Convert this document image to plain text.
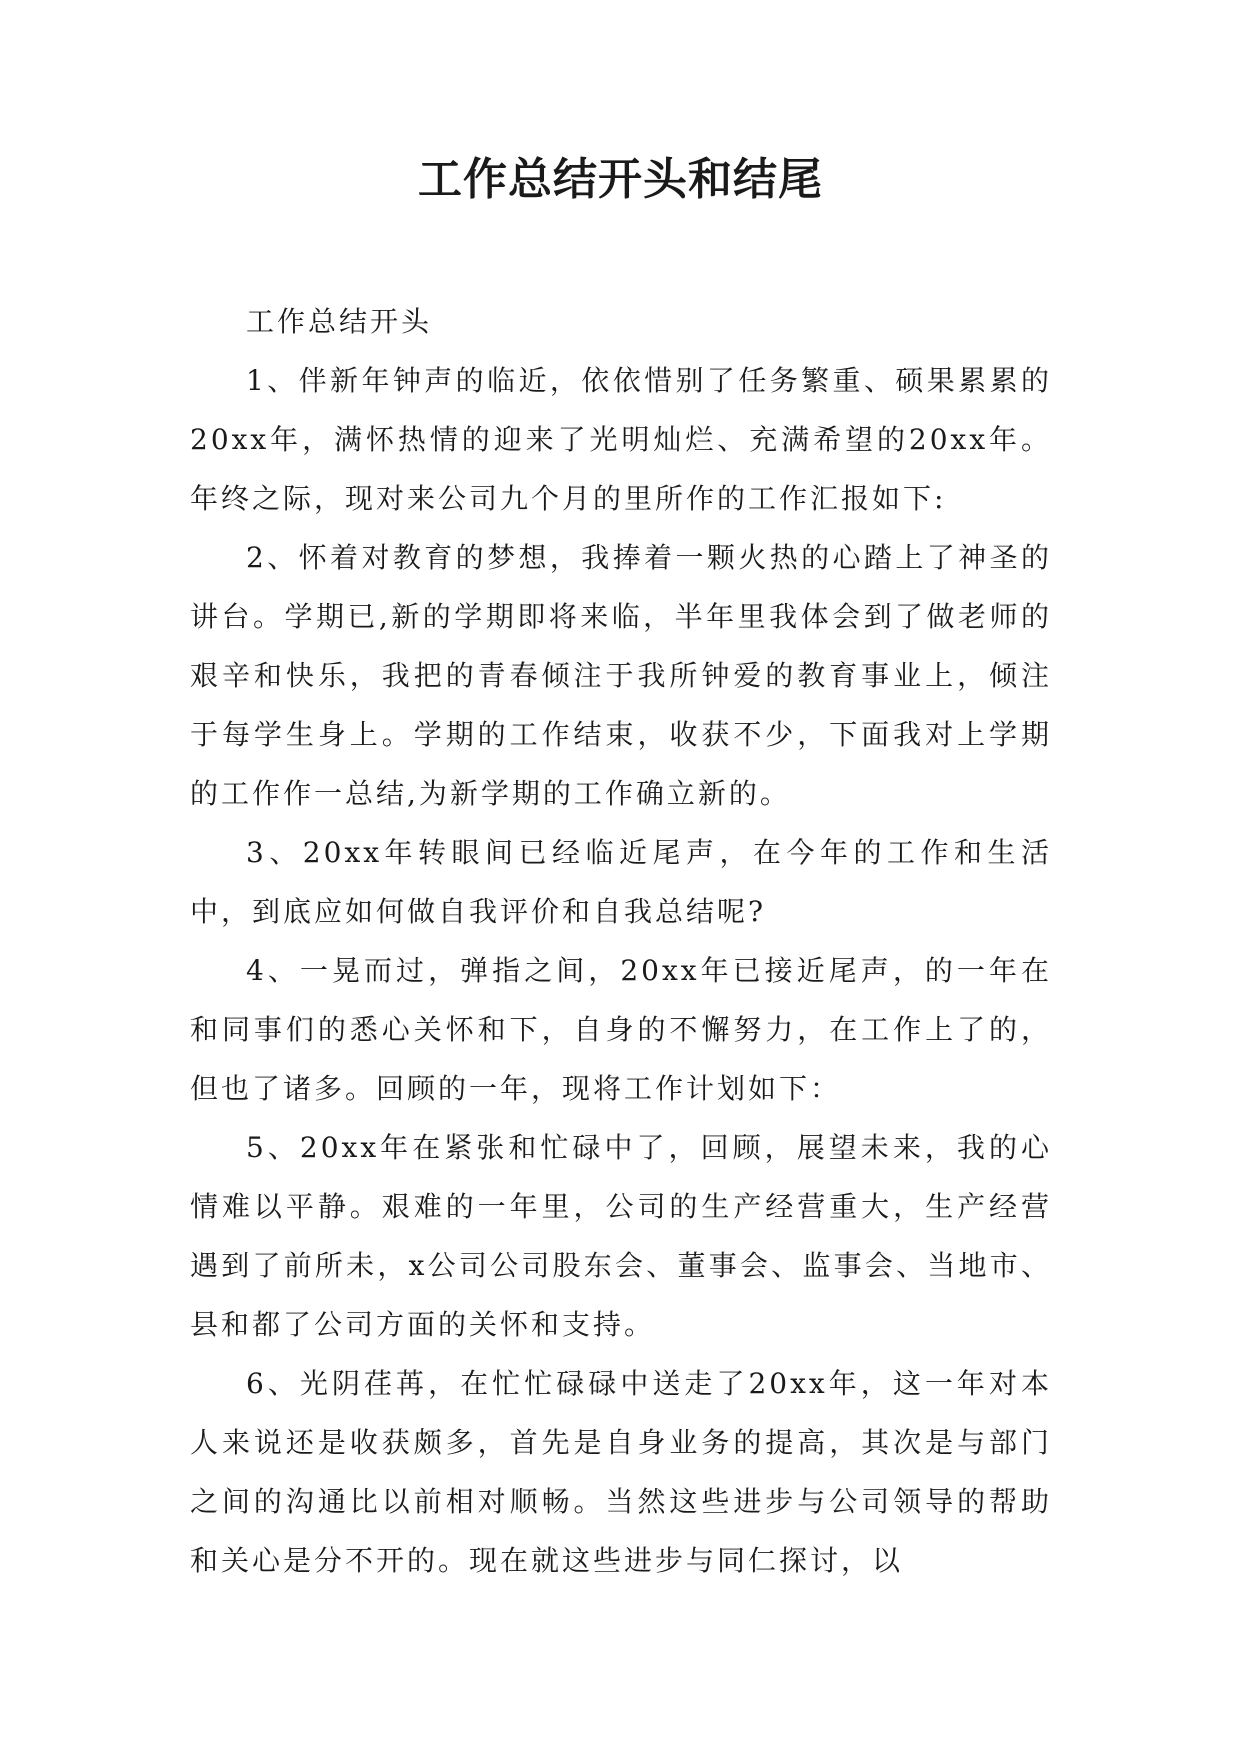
工作总结开头和结尾

工作总结开头

1、伴新年钟声的临近，依依惜别了任务繁重、硕果累累的20xx年，满怀热情的迎来了光明灿烂、充满希望的20xx年。年终之际，现对来公司九个月的里所作的工作汇报如下:

2、怀着对教育的梦想，我捧着一颗火热的心踏上了神圣的讲台。学期已,新的学期即将来临，半年里我体会到了做老师的艰辛和快乐，我把的青春倾注于我所钟爱的教育事业上，倾注于每学生身上。学期的工作结束，收获不少，下面我对上学期的工作作一总结,为新学期的工作确立新的。

3、20xx年转眼间已经临近尾声，在今年的工作和生活中，到底应如何做自我评价和自我总结呢?

4、一晃而过，弹指之间，20xx年已接近尾声，的一年在和同事们的悉心关怀和下，自身的不懈努力，在工作上了的，但也了诸多。回顾的一年，现将工作计划如下：

5、20xx年在紧张和忙碌中了，回顾，展望未来，我的心情难以平静。艰难的一年里，公司的生产经营重大，生产经营遇到了前所未，x公司公司股东会、董事会、监事会、当地市、县和都了公司方面的关怀和支持。

6、光阴荏苒，在忙忙碌碌中送走了20xx年，这一年对本人来说还是收获颇多，首先是自身业务的提高，其次是与部门之间的沟通比以前相对顺畅。当然这些进步与公司领导的帮助和关心是分不开的。现在就这些进步与同仁探讨，以
